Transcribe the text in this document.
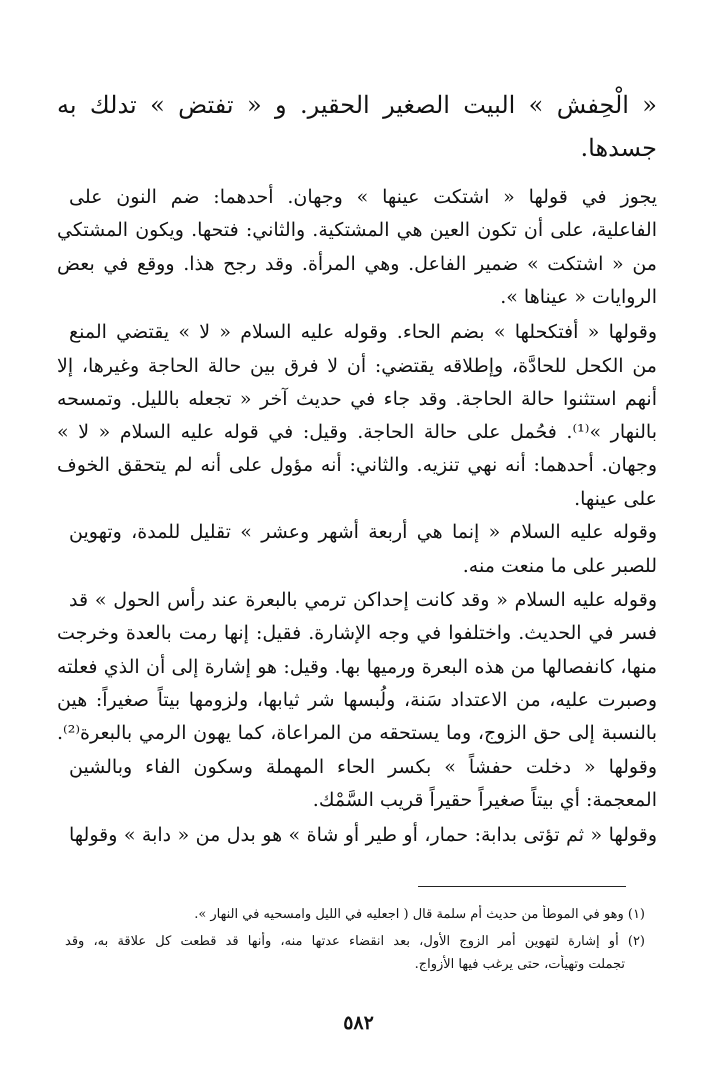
« الْحِفش » البيت الصغير الحقير. و « تفتض » تدلك به
جسدها.
يجوز في قولها « اشتكت عينها » وجهان. أحدهما: ضم النون على
الفاعلية، على أن تكون العين هي المشتكية. والثاني: فتحها. ويكون المشتكي
من « اشتكت » ضمير الفاعل. وهي المرأة. وقد رجح هذا. ووقع في بعض
الروايات « عيناها ».
وقولها « أفتكحلها » بضم الحاء. وقوله عليه السلام « لا » يقتضي المنع
من الكحل للحادَّة، وإطلاقه يقتضي: أن لا فرق بين حالة الحاجة وغيرها، إلا
أنهم استثنوا حالة الحاجة. وقد جاء في حديث آخر « تجعله بالليل. وتمسحه
بالنهار »⁽¹⁾. فحُمل على حالة الحاجة. وقيل: في قوله عليه السلام « لا »
وجهان. أحدهما: أنه نهي تنزيه. والثاني: أنه مؤول على أنه لم يتحقق الخوف
على عينها.
وقوله عليه السلام « إنما هي أربعة أشهر وعشر » تقليل للمدة، وتهوين
للصبر على ما منعت منه.
وقوله عليه السلام « وقد كانت إحداكن ترمي بالبعرة عند رأس الحول » قد
فسر في الحديث. واختلفوا في وجه الإشارة. فقيل: إنها رمت بالعدة وخرجت
منها، كانفصالها من هذه البعرة ورميها بها. وقيل: هو إشارة إلى أن الذي فعلته
وصبرت عليه، من الاعتداد سَنة، ولُبسها شر ثيابها، ولزومها بيتاً صغيراً: هين
بالنسبة إلى حق الزوج، وما يستحقه من المراعاة، كما يهون الرمي بالبعرة⁽²⁾.
وقولها « دخلت حفشاً » بكسر الحاء المهملة وسكون الفاء وبالشين
المعجمة: أي بيتاً صغيراً حقيراً قريب السَّمْك.
وقولها « ثم تؤتى بدابة: حمار، أو طير أو شاة » هو بدل من « دابة » وقولها
(١) وهو في الموطأ من حديث أم سلمة قال ( اجعليه في الليل وامسحيه في النهار ».
(٢) أو إشارة لتهوين أمر الزوج الأول، بعد انقضاء عدتها منه، وأنها قد قطعت كل علاقة به، وقد
تجملت وتهيأت، حتى يرغب فيها الأزواج.
٥٨٢
